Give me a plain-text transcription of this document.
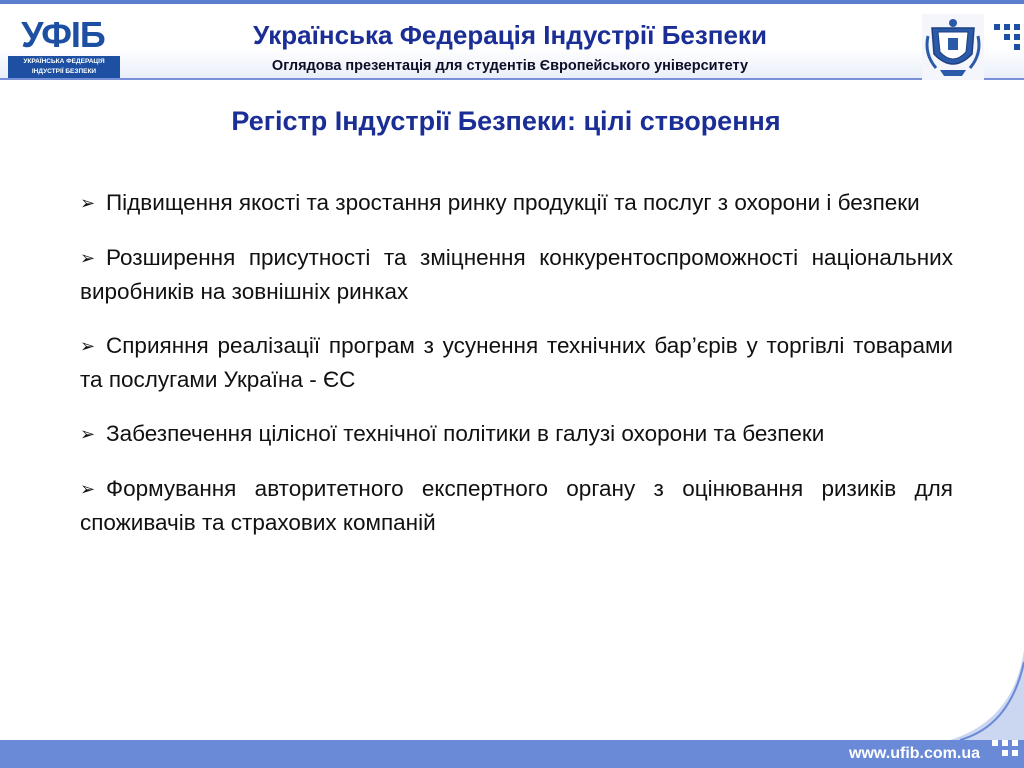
УФІБ
УКРАЇНСЬКА ФЕДЕРАЦІЯ
ІНДУСТРІЇ БЕЗПЕКИ
Українська Федерація Індустрії Безпеки
Оглядова презентація для студентів Європейського університету
Регістр Індустрії Безпеки: цілі створення
➢ Підвищення якості та зростання ринку продукції та послуг з охорони і безпеки
➢ Розширення присутності та зміцнення конкурентоспроможності національних виробників на зовнішніх ринках
➢ Сприяння реалізації програм з усунення технічних бар’єрів у торгівлі товарами та послугами Україна - ЄС
➢ Забезпечення цілісної технічної політики в галузі охорони та безпеки
➢ Формування авторитетного експертного органу з оцінювання ризиків для споживачів та страхових компаній
www.ufib.com.ua
